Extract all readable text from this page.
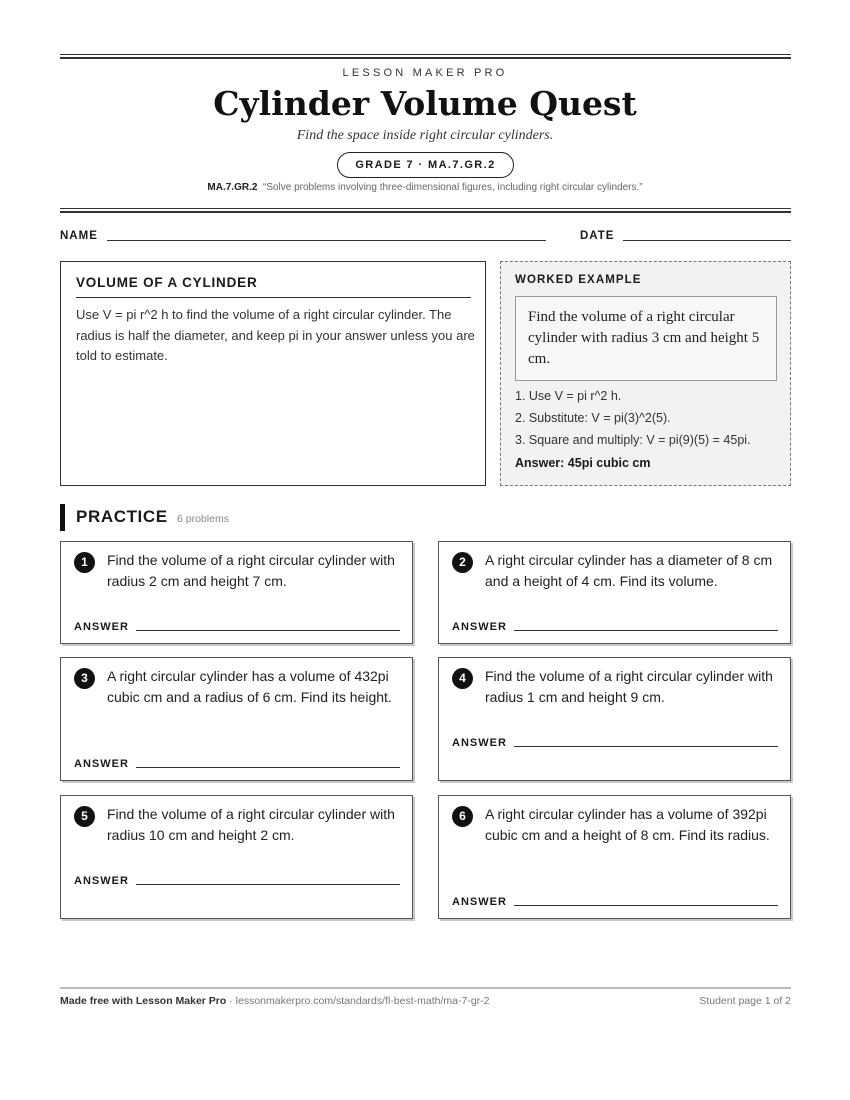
LESSON MAKER PRO
Cylinder Volume Quest
Find the space inside right circular cylinders.
GRADE 7 · MA.7.GR.2
MA.7.GR.2 “Solve problems involving three-dimensional figures, including right circular cylinders.”
NAME	DATE
VOLUME OF A CYLINDER
Use V = pi r^2 h to find the volume of a right circular cylinder. The radius is half the diameter, and keep pi in your answer unless you are told to estimate.
WORKED EXAMPLE
Find the volume of a right circular cylinder with radius 3 cm and height 5 cm.
1. Use V = pi r^2 h.
2. Substitute: V = pi(3)^2(5).
3. Square and multiply: V = pi(9)(5) = 45pi.
Answer: 45pi cubic cm
PRACTICE 6 problems
1	Find the volume of a right circular cylinder with radius 2 cm and height 7 cm.
ANSWER
2	A right circular cylinder has a diameter of 8 cm and a height of 4 cm. Find its volume.
ANSWER
3	A right circular cylinder has a volume of 432pi cubic cm and a radius of 6 cm. Find its height.
ANSWER
4	Find the volume of a right circular cylinder with radius 1 cm and height 9 cm.
ANSWER
5	Find the volume of a right circular cylinder with radius 10 cm and height 2 cm.
ANSWER
6	A right circular cylinder has a volume of 392pi cubic cm and a height of 8 cm. Find its radius.
ANSWER
Made free with Lesson Maker Pro · lessonmakerpro.com/standards/fl-best-math/ma-7-gr-2	Student page 1 of 2
